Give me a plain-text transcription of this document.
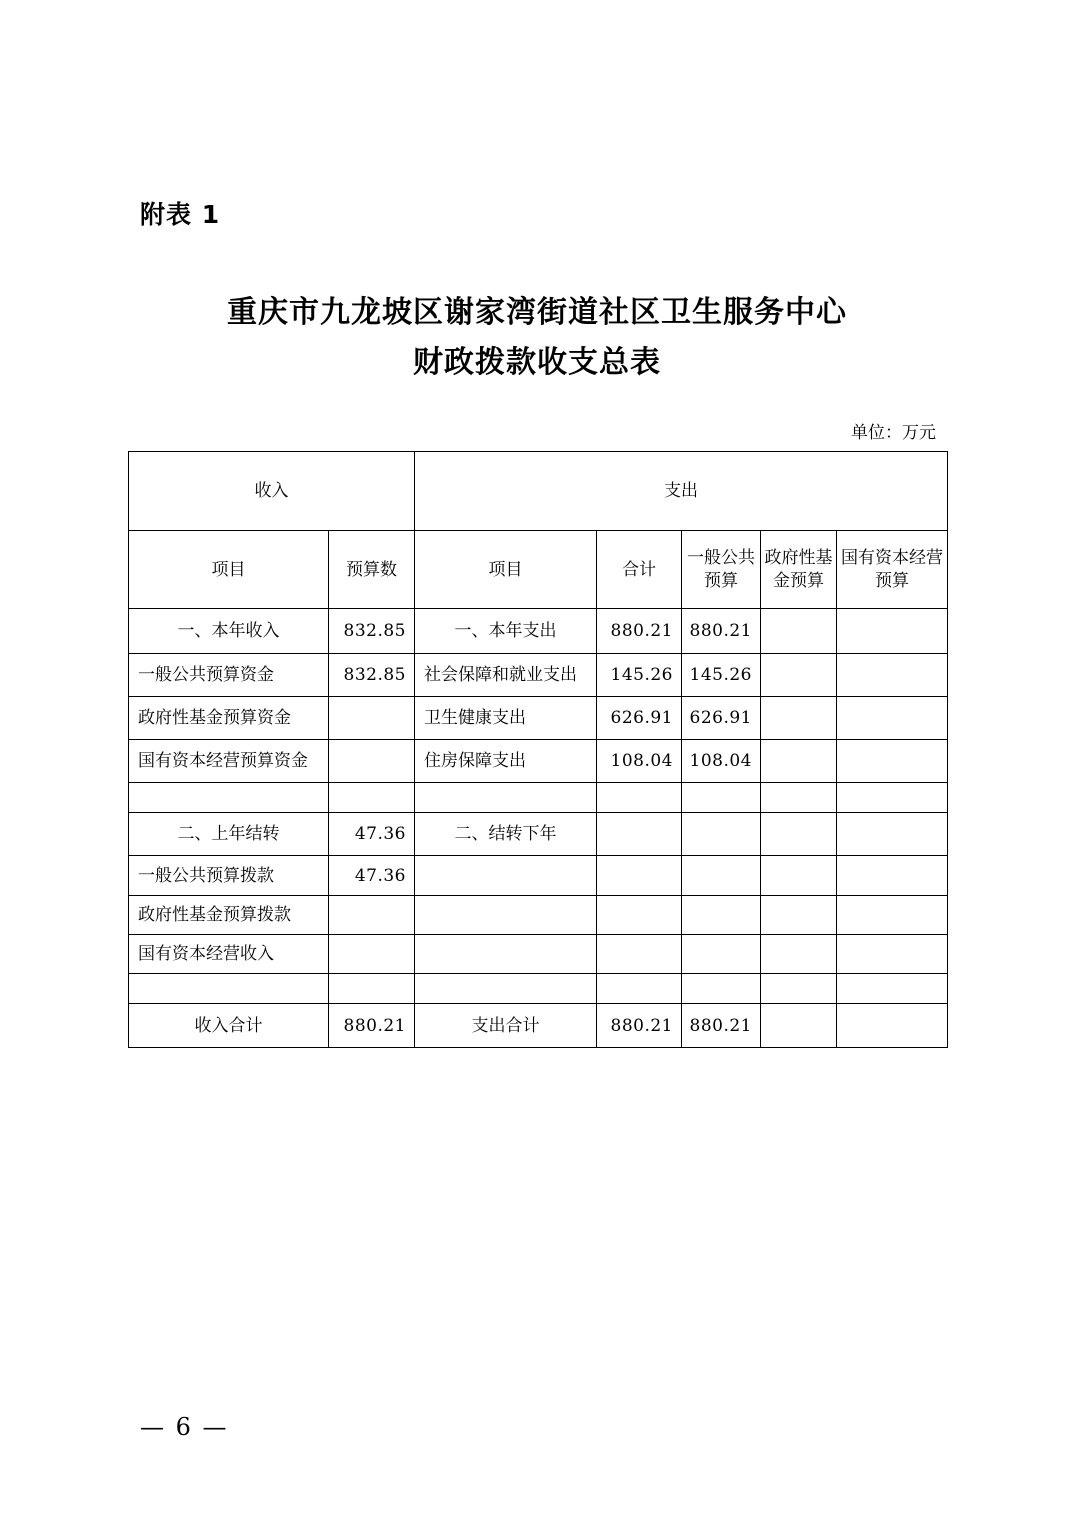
附表 1
重庆市九龙坡区谢家湾街道社区卫生服务中心
财政拨款收支总表
单位：万元
收入		支出				
项目	预算数	项目	合计	一般公共预算	政府性基金预算	国有资本经营预算
一、本年收入	832.85	一、本年支出	880.21	880.21		
一般公共预算资金	832.85	社会保障和就业支出	145.26	145.26		
政府性基金预算资金		卫生健康支出	626.91	626.91		
国有资本经营预算资金		住房保障支出	108.04	108.04		

二、上年结转	47.36	二、结转下年				
一般公共预算拨款	47.36					
政府性基金预算拨款						
国有资本经营收入						

收入合计	880.21	支出合计	880.21	880.21		
— 6 —
